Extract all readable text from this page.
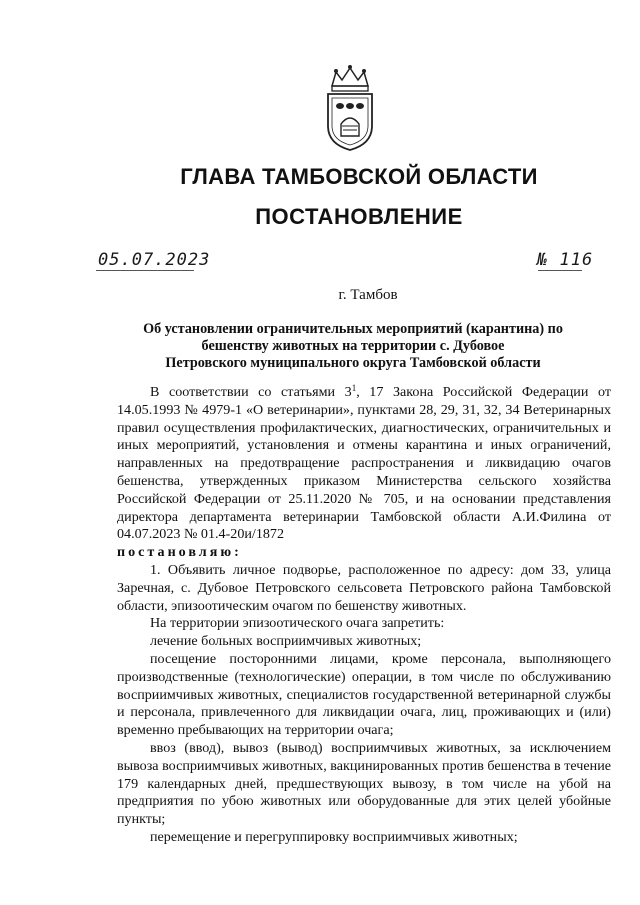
ГЛАВА ТАМБОВСКОЙ ОБЛАСТИ
ПОСТАНОВЛЕНИЕ
05.07.2023	№ 116
г. Тамбов
Об установлении ограничительных мероприятий (карантина) по
бешенству животных на территории с. Дубовое
Петровского муниципального округа Тамбовской области

В соответствии со статьями $3^1$, 17 Закона Российской Федерации от 14.05.1993 № 4979-1 «О ветеринарии», пунктами 28, 29, 31, 32, 34 Ветеринарных правил осуществления профилактических, диагностических, ограничительных и иных мероприятий, установления и отмены карантина и иных ограничений, направленных на предотвращение распространения и ликвидацию очагов бешенства, утвержденных приказом Министерства сельского хозяйства Российской Федерации от 25.11.2020 № 705, и на основании представления директора департамента ветеринарии Тамбовской области А.И.Филина от 04.07.2023 № 01.4-20и/1872

постановляю:

1. Объявить личное подворье, расположенное по адресу: дом 33, улица Заречная, с. Дубовое Петровского сельсовета Петровского района Тамбовской области, эпизоотическим очагом по бешенству животных.

На территории эпизоотического очага запретить:

лечение больных восприимчивых животных;

посещение посторонними лицами, кроме персонала, выполняющего производственные (технологические) операции, в том числе по обслуживанию восприимчивых животных, специалистов государственной ветеринарной службы и персонала, привлеченного для ликвидации очага, лиц, проживающих и (или) временно пребывающих на территории очага;

ввоз (ввод), вывоз (вывод) восприимчивых животных, за исключением вывоза восприимчивых животных, вакцинированных против бешенства в течение 179 календарных дней, предшествующих вывозу, в том числе на убой на предприятия по убою животных или оборудованные для этих целей убойные пункты;

перемещение и перегруппировку восприимчивых животных;
